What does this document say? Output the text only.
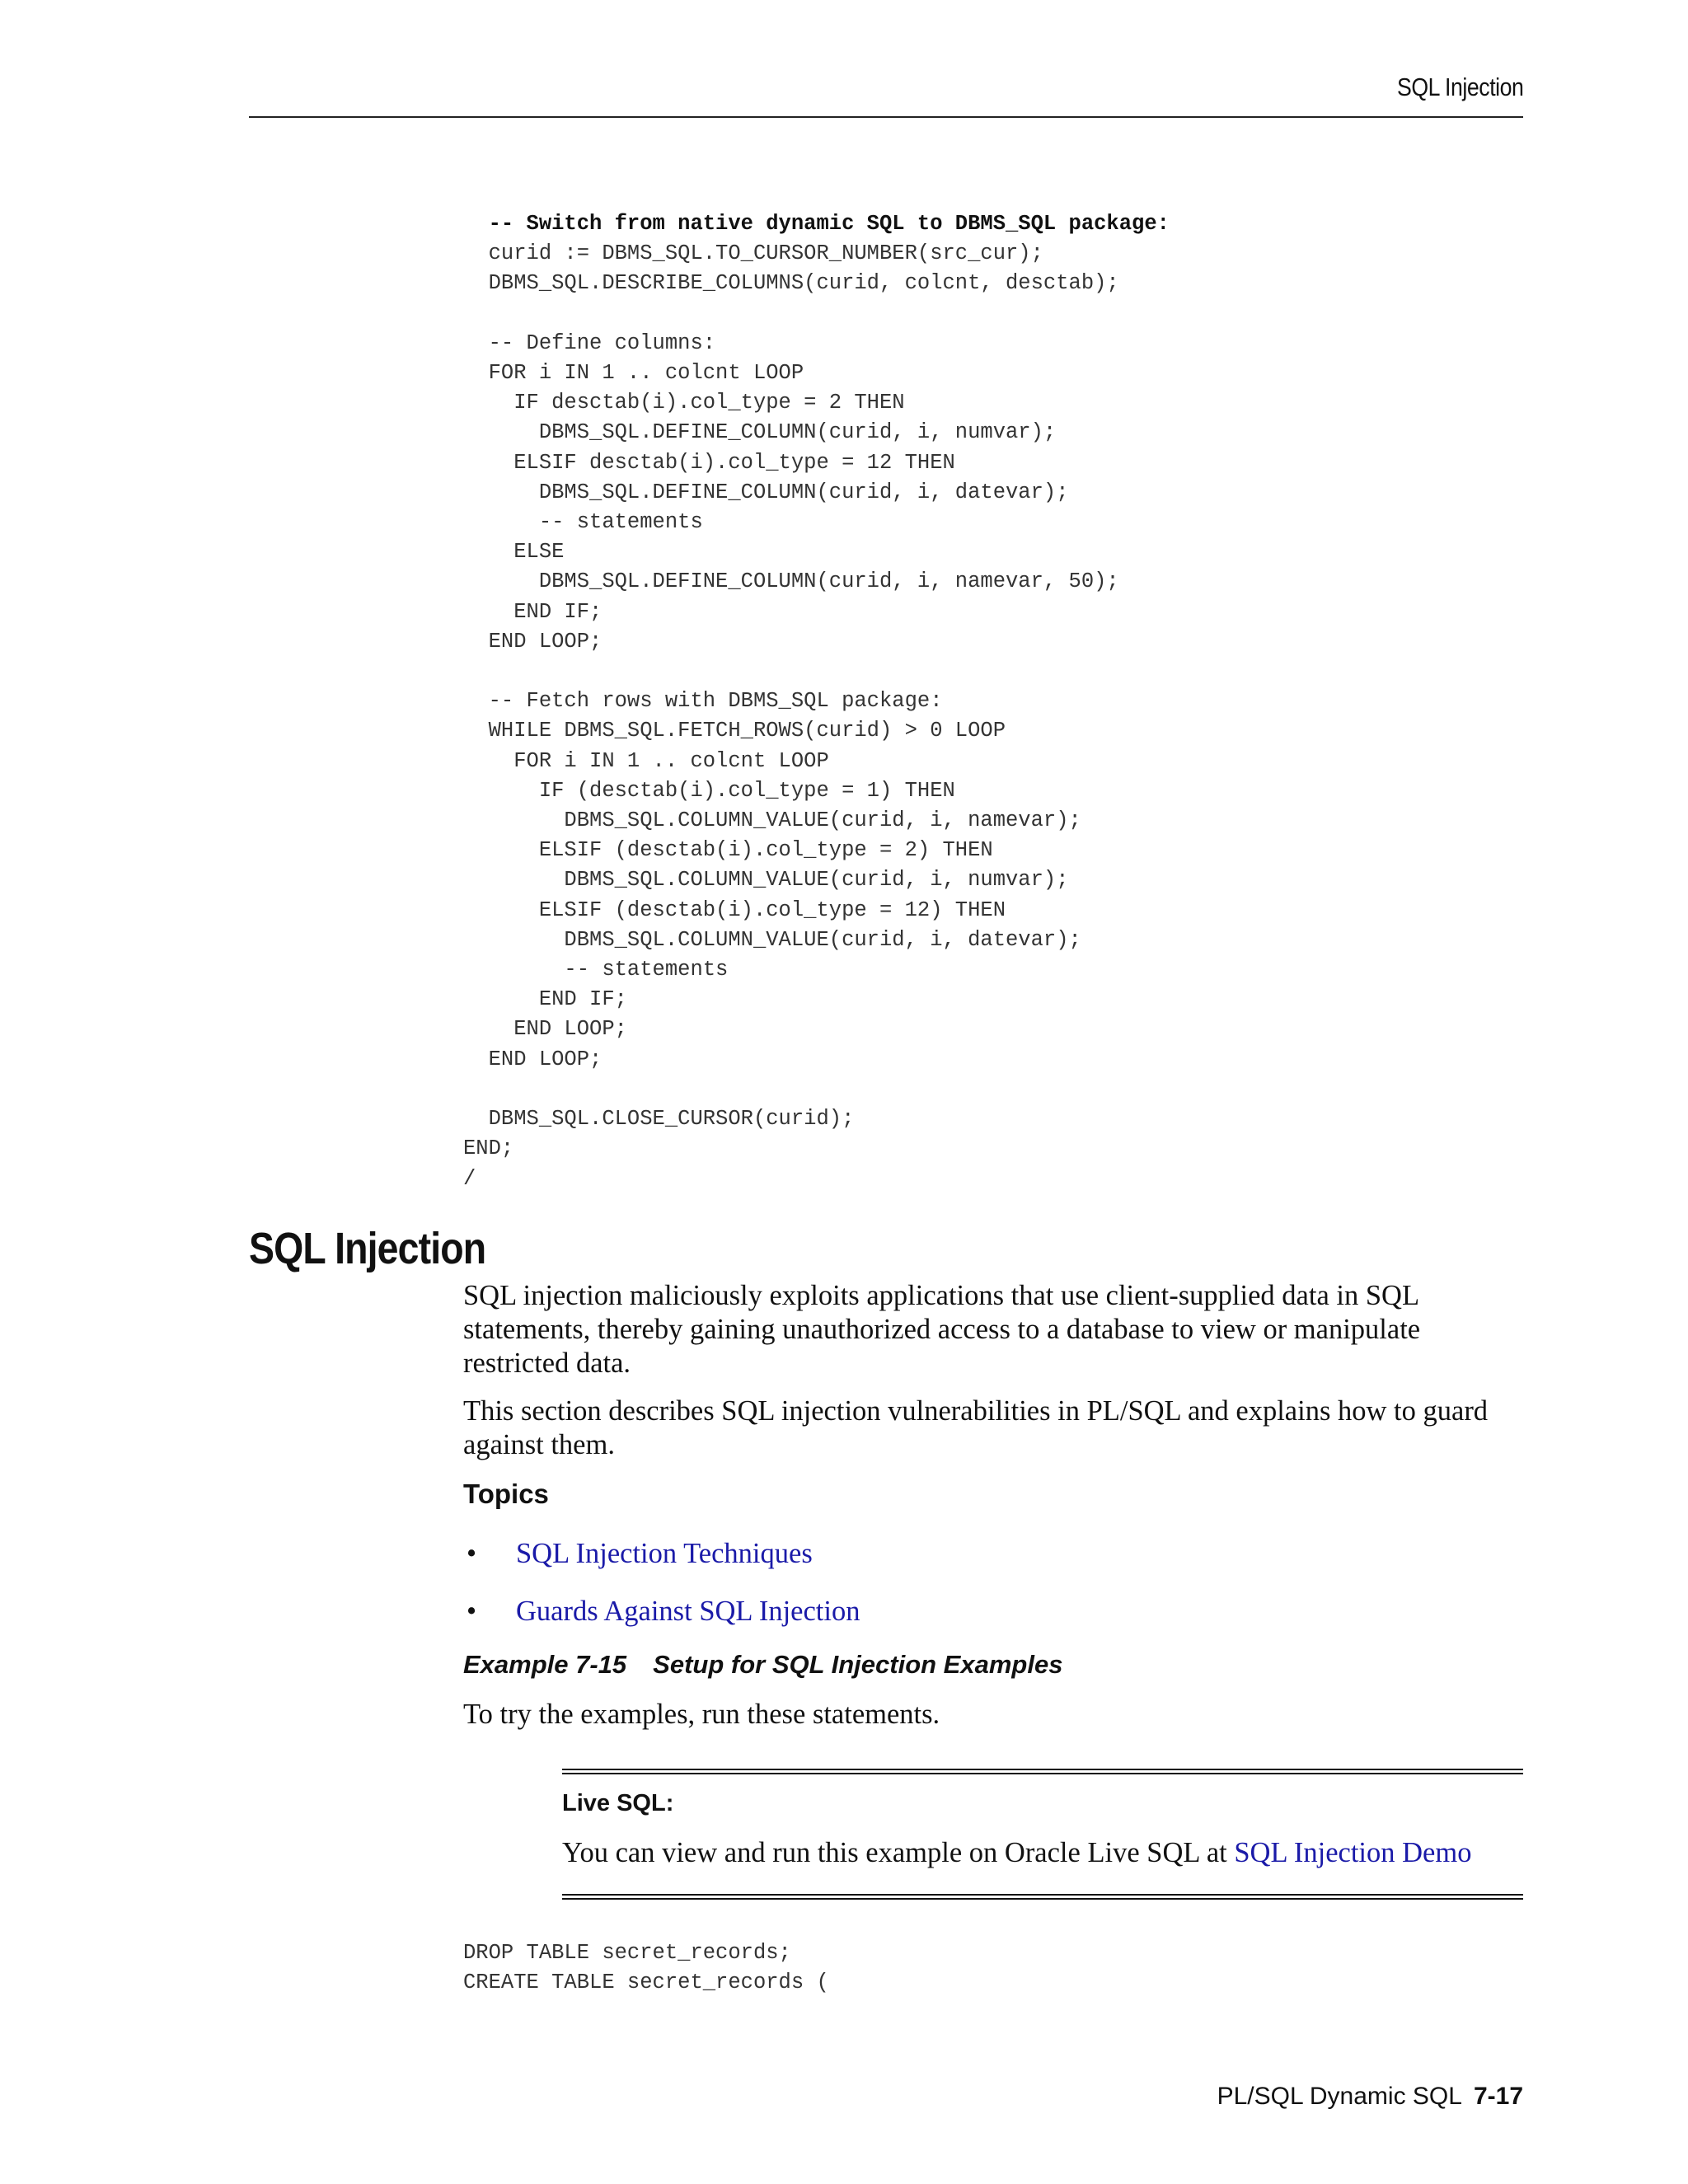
SQL Injection
-- Switch from native dynamic SQL to DBMS_SQL package:
curid := DBMS_SQL.TO_CURSOR_NUMBER(src_cur);
DBMS_SQL.DESCRIBE_COLUMNS(curid, colcnt, desctab);

-- Define columns:
FOR i IN 1 .. colcnt LOOP
IF desctab(i).col_type = 2 THEN
DBMS_SQL.DEFINE_COLUMN(curid, i, numvar);
ELSIF desctab(i).col_type = 12 THEN
DBMS_SQL.DEFINE_COLUMN(curid, i, datevar);
-- statements
ELSE
DBMS_SQL.DEFINE_COLUMN(curid, i, namevar, 50);
END IF;
END LOOP;

-- Fetch rows with DBMS_SQL package:
WHILE DBMS_SQL.FETCH_ROWS(curid) > 0 LOOP
FOR i IN 1 .. colcnt LOOP
IF (desctab(i).col_type = 1) THEN
DBMS_SQL.COLUMN_VALUE(curid, i, namevar);
ELSIF (desctab(i).col_type = 2) THEN
DBMS_SQL.COLUMN_VALUE(curid, i, numvar);
ELSIF (desctab(i).col_type = 12) THEN
DBMS_SQL.COLUMN_VALUE(curid, i, datevar);
-- statements
END IF;
END LOOP;
END LOOP;

DBMS_SQL.CLOSE_CURSOR(curid);
END;
/
SQL Injection

SQL injection maliciously exploits applications that use client-supplied data in SQL statements, thereby gaining unauthorized access to a database to view or manipulate restricted data.

This section describes SQL injection vulnerabilities in PL/SQL and explains how to guard against them.

Topics
• SQL Injection Techniques
• Guards Against SQL Injection
Example 7-15 Setup for SQL Injection Examples

To try the examples, run these statements.

Live SQL:

You can view and run this example on Oracle Live SQL at SQL Injection Demo

DROP TABLE secret_records;
CREATE TABLE secret_records (
PL/SQL Dynamic SQL 7-17
